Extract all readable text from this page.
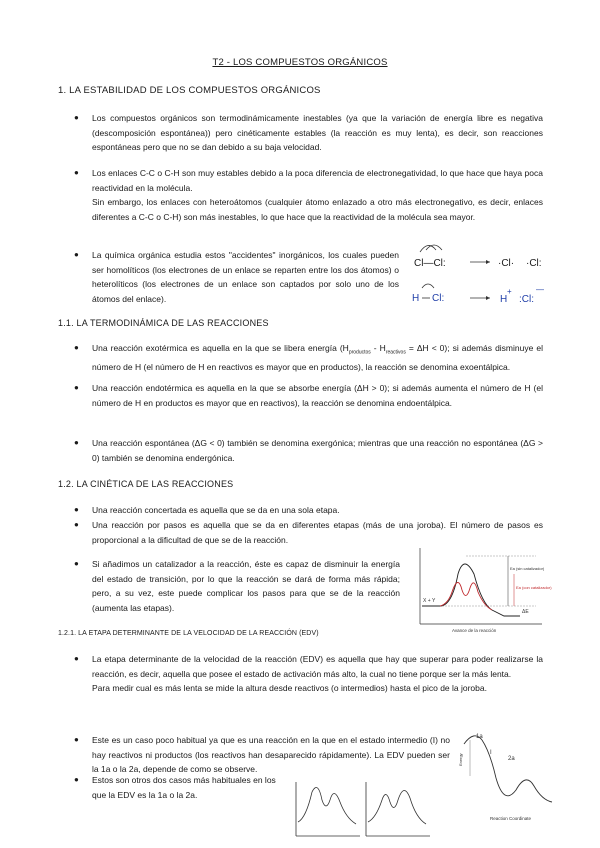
T2 - LOS COMPUESTOS ORGÁNICOS
1. LA ESTABILIDAD DE LOS COMPUESTOS ORGÁNICOS
● Los compuestos orgánicos son termodinámicamente inestables (ya que la variación de energía libre es negativa (descomposición espontánea)) pero cinéticamente estables (la reacción es muy lenta), es decir, son reacciones espontáneas pero que no se dan debido a su baja velocidad.

● Los enlaces C-C o C-H son muy estables debido a la poca diferencia de electronegatividad, lo que hace que haya poca reactividad en la molécula.

Sin embargo, los enlaces con heteroátomos (cualquier átomo enlazado a otro más electronegativo, es decir, enlaces diferentes a C-C o C-H) son más inestables, lo que hace que la reactividad de la molécula sea mayor.

● La química orgánica estudia estos "accidentes" inorgánicos, los cuales pueden ser homolíticos (los electrones de un enlace se reparten entre los dos átomos) o heterolíticos (los electrones de un enlace son captados por solo uno de los átomos del enlace).

Cl—Cl:	·Cl· ·Cl:
H Cl:	H
+
:Cl:
—
1.1. LA TERMODINÁMICA DE LAS REACCIONES
● Una reacción exotérmica es aquella en la que se libera energía $(H_{productos} - H_{reactivos} = \Delta H < 0)$; si además disminuye el número de H (el número de H en reactivos es mayor que en productos), la reacción se denomina exoentálpica.

● Una reacción endotérmica es aquella en la que se absorbe energía (ΔH > 0); si además aumenta el número de H (el número de H en productos es mayor que en reactivos), la reacción se denomina endoentálpica.

● Una reacción espontánea (ΔG < 0) también se denomina exergónica; mientras que una reacción no espontánea (ΔG > 0) también se denomina endergónica.

1.2. LA CINÉTICA DE LAS REACCIONES
● Una reacción concertada es aquella que se da en una sola etapa.

● Una reacción por pasos es aquella que se da en diferentes etapas (más de una joroba). El número de pasos es proporcional a la dificultad de que se de la reacción.

● Si añadimos un catalizador a la reacción, éste es capaz de disminuir la energía del estado de transición, por lo que la reacción se dará de forma más rápida; pero, a su vez, este puede complicar los pasos para que se de la reacción (aumenta las etapas).

Ea (sin catalizador)
Ea (con catalizador)
ΔE
X + Y
Avance de la reacción
1.2.1. LA ETAPA DETERMINANTE DE LA VELOCIDAD DE LA REACCIÓN (EDV)
● La etapa determinante de la velocidad de la reacción (EDV) es aquella que hay que superar para poder realizarse la reacción, es decir, aquella que posee el estado de activación más alto, la cual no tiene porque ser la más lenta.

Para medir cual es más lenta se mide la altura desde reactivos (o intermedios) hasta el pico de la joroba.

● Este es un caso poco habitual ya que es una reacción en la que en el estado intermedio (I) no hay reactivos ni productos (los reactivos han desaparecido rápidamente). La EDV pueden ser la 1a o la 2a, depende de como se observe.

● Estos son otros dos casos más habituales en los que la EDV es la 1a o la 2a.

1a
I
2a
Energy
Reaction Coordinate
